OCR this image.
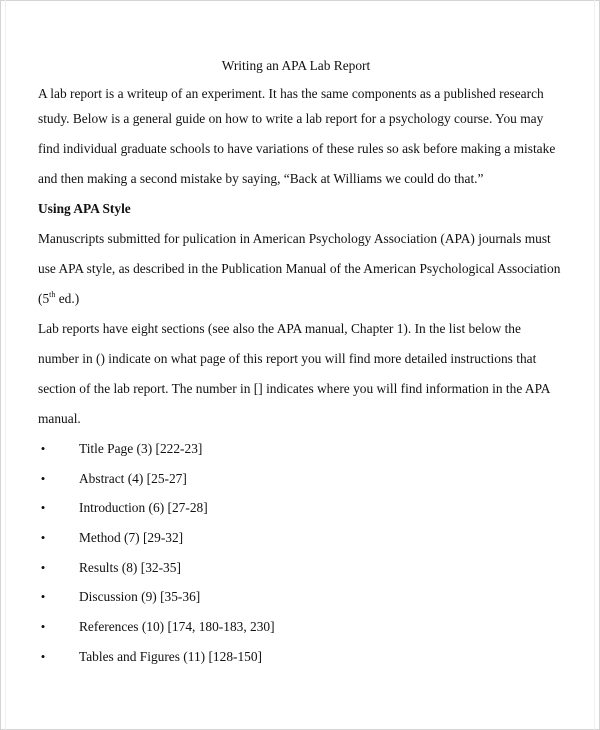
Writing an APA Lab Report
A lab report is a writeup of an experiment. It has the same components as a published research
study. Below is a general guide on how to write a lab report for a psychology course. You may
find individual graduate schools to have variations of these rules so ask before making a mistake
and then making a second mistake by saying, “Back at Williams we could do that.”
Using APA Style
Manuscripts submitted for pulication in American Psychology Association (APA) journals must
use APA style, as described in the Publication Manual of the American Psychological Association
(5th ed.)
Lab reports have eight sections (see also the APA manual, Chapter 1). In the list below the
number in () indicate on what page of this report you will find more detailed instructions that
section of the lab report. The number in [] indicates where you will find information in the APA
manual.
•	Title Page (3) [222-23]
•	Abstract (4) [25-27]
•	Introduction (6) [27-28]
•	Method (7) [29-32]
•	Results (8) [32-35]
•	Discussion (9) [35-36]
•	References (10) [174, 180-183, 230]
•	Tables and Figures (11) [128-150]
